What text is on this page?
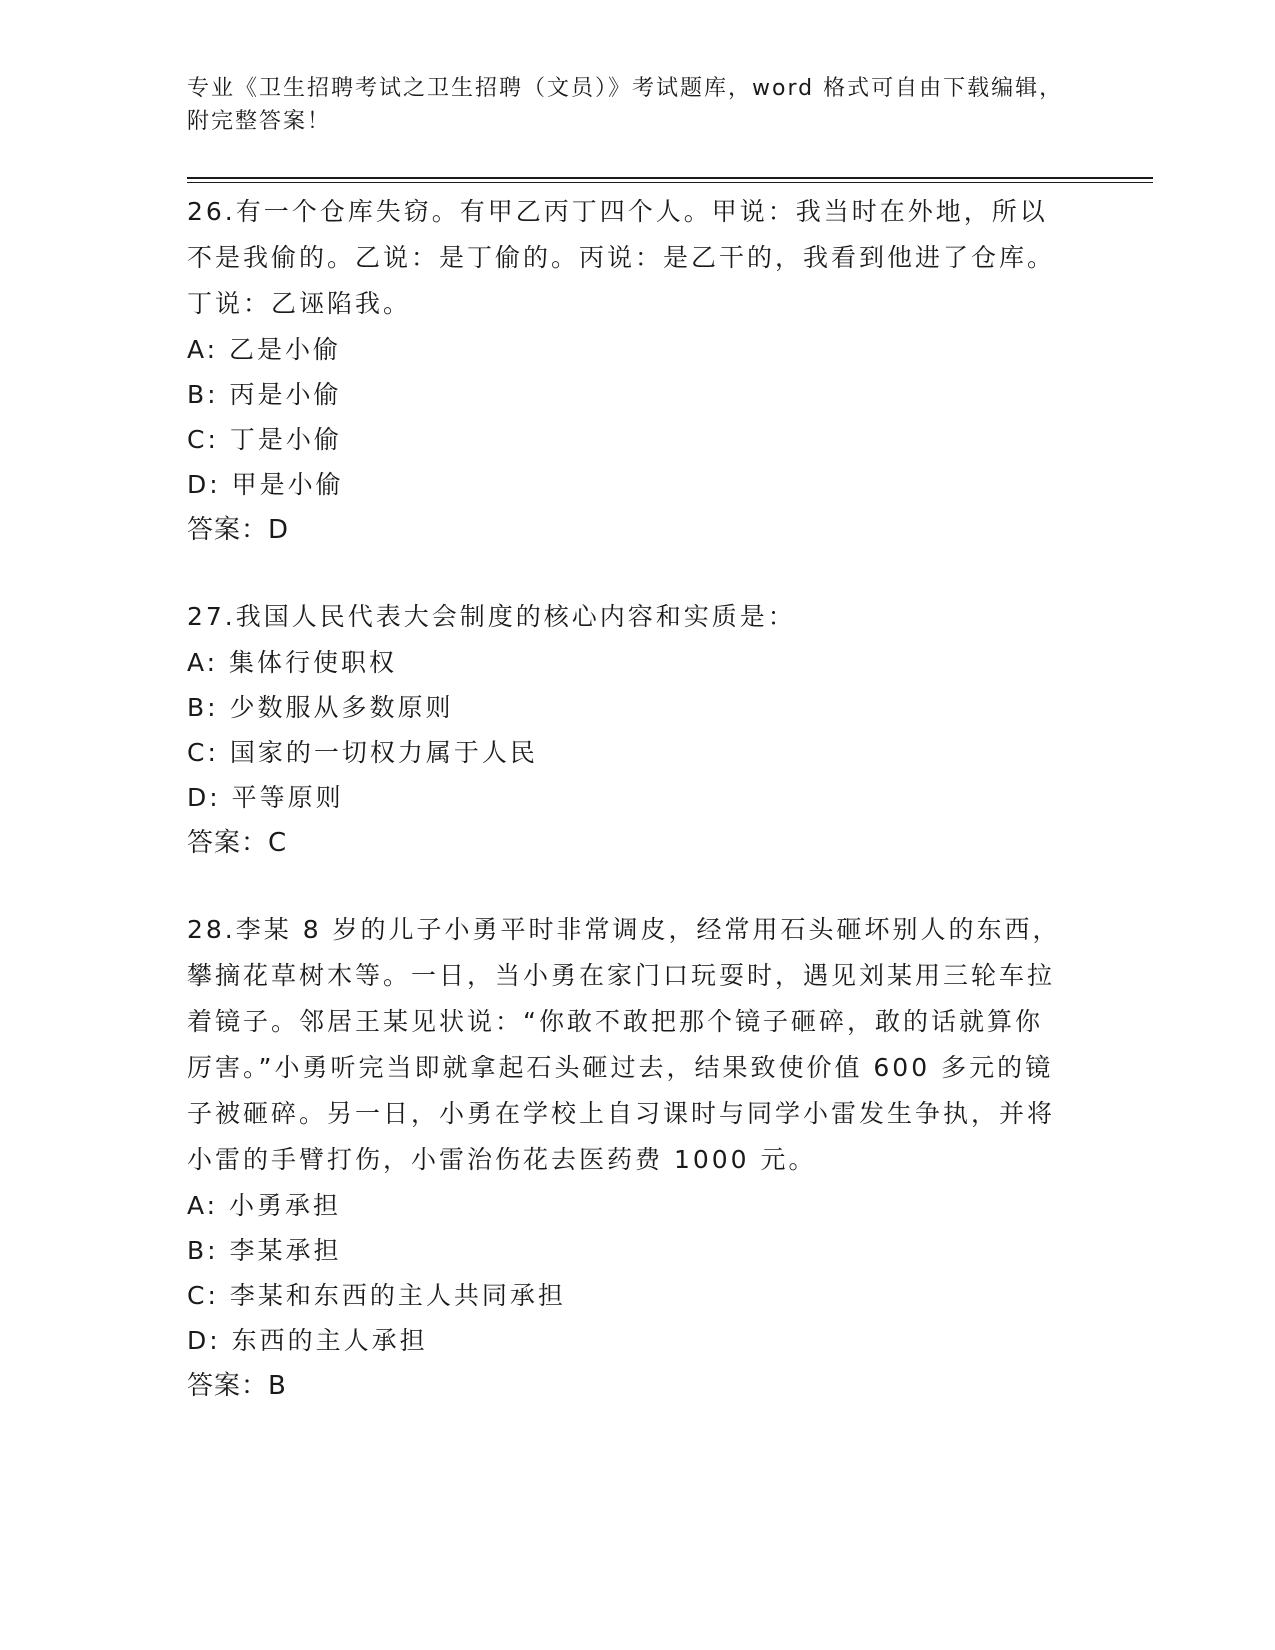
专业《卫生招聘考试之卫生招聘（文员）》考试题库，word 格式可自由下载编辑，附完整答案！

26.有一个仓库失窃。有甲乙丙丁四个人。甲说：我当时在外地，所以不是我偷的。乙说：是丁偷的。丙说：是乙干的，我看到他进了仓库。丁说：乙诬陷我。

A: 乙是小偷

B: 丙是小偷

C: 丁是小偷

D: 甲是小偷

答案：D

27.我国人民代表大会制度的核心内容和实质是：

A: 集体行使职权

B: 少数服从多数原则

C: 国家的一切权力属于人民

D: 平等原则

答案：C

28.李某 8 岁的儿子小勇平时非常调皮，经常用石头砸坏别人的东西，攀摘花草树木等。一日，当小勇在家门口玩耍时，遇见刘某用三轮车拉着镜子。邻居王某见状说：“你敢不敢把那个镜子砸碎，敢的话就算你厉害。”小勇听完当即就拿起石头砸过去，结果致使价值 600 多元的镜子被砸碎。另一日，小勇在学校上自习课时与同学小雷发生争执，并将小雷的手臂打伤，小雷治伤花去医药费 1000 元。

A: 小勇承担

B: 李某承担

C: 李某和东西的主人共同承担

D: 东西的主人承担

答案：B
